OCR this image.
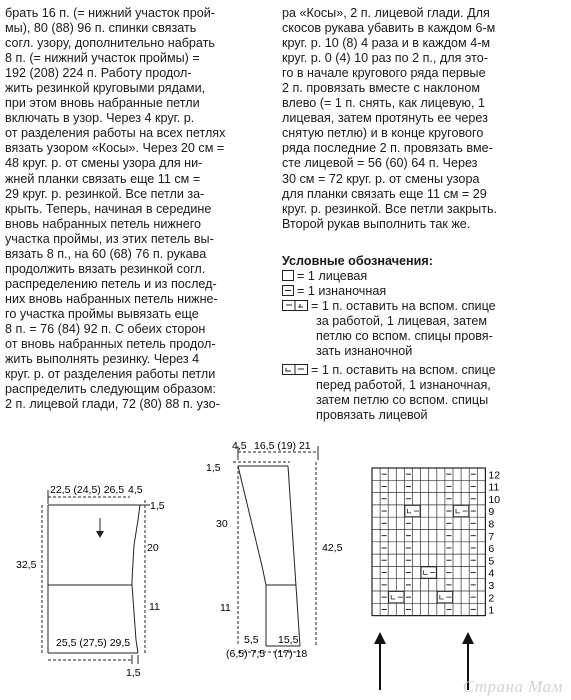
брать 16 п. (= нижний участок прой-

мы), 80 (88) 96 п. спинки связать

согл. узору, дополнительно набрать

8 п. (= нижний участок проймы) =

192 (208) 224 п. Работу продол-

жить резинкой круговыми рядами,

при этом вновь набранные петли

включать в узор. Через 4 круг. р.

от разделения работы на всех петлях

вязать узором «Косы». Через 20 см =

48 круг. р. от смены узора для ни-

жней планки связать еще 11 см =

29 круг. р. резинкой. Все петли за-

крыть. Теперь, начиная в середине

вновь набранных петель нижнего

участка проймы, из этих петель вы-

вязать 8 п., на 60 (68) 76 п. рукава

продолжить вязать резинкой согл.

распределению петель и из послед-

них вновь набранных петель нижне-

го участка проймы вывязать еще

8 п. = 76 (84) 92 п. С обеих сторон

от вновь набранных петель продол-

жить выполнять резинку. Через 4

круг. р. от разделения работы петли

распределить следующим образом:

2 п. лицевой глади, 72 (80) 88 п. узо-

ра «Косы», 2 п. лицевой глади. Для

скосов рукава убавить в каждом 6-м

круг. р. 10 (8) 4 раза и в каждом 4-м

круг. р. 0 (4) 10 раз по 2 п., для это-

го в начале кругового ряда первые

2 п. провязать вместе с наклоном

влево (= 1 п. снять, как лицевую, 1

лицевая, затем протянуть ее через

снятую петлю) и в конце кругового

ряда последние 2 п. провязать вме-

сте лицевой = 56 (60) 64 п. Через

30 см = 72 круг. р. от смены узора

для планки связать еще 11 см = 29

круг. р. резинкой. Все петли закрыть.

Второй рукав выполнить так же.

Условные обозначения:

= 1 лицевая

= 1 изнаночная

= 1 п. оставить на вспом. спице

за работой, 1 лицевая, затем

петлю со вспом. спицы провя-

зать изнаночной

= 1 п. оставить на вспом. спице

перед работой, 1 изнаночная,

затем петлю со вспом. спицы

провязать лицевой

22,5 (24,5) 26,5 4,5
1,5
32,5
20
11
25,5 (27,5) 29,5
1,5
4,5 16,5 (19) 21
1,5
30
42,5
11
5,5 15,5
(6,5) 7,5 (17) 18
12
11
10
9
8
7
6
5
4
3
2
1
Страна Мам
